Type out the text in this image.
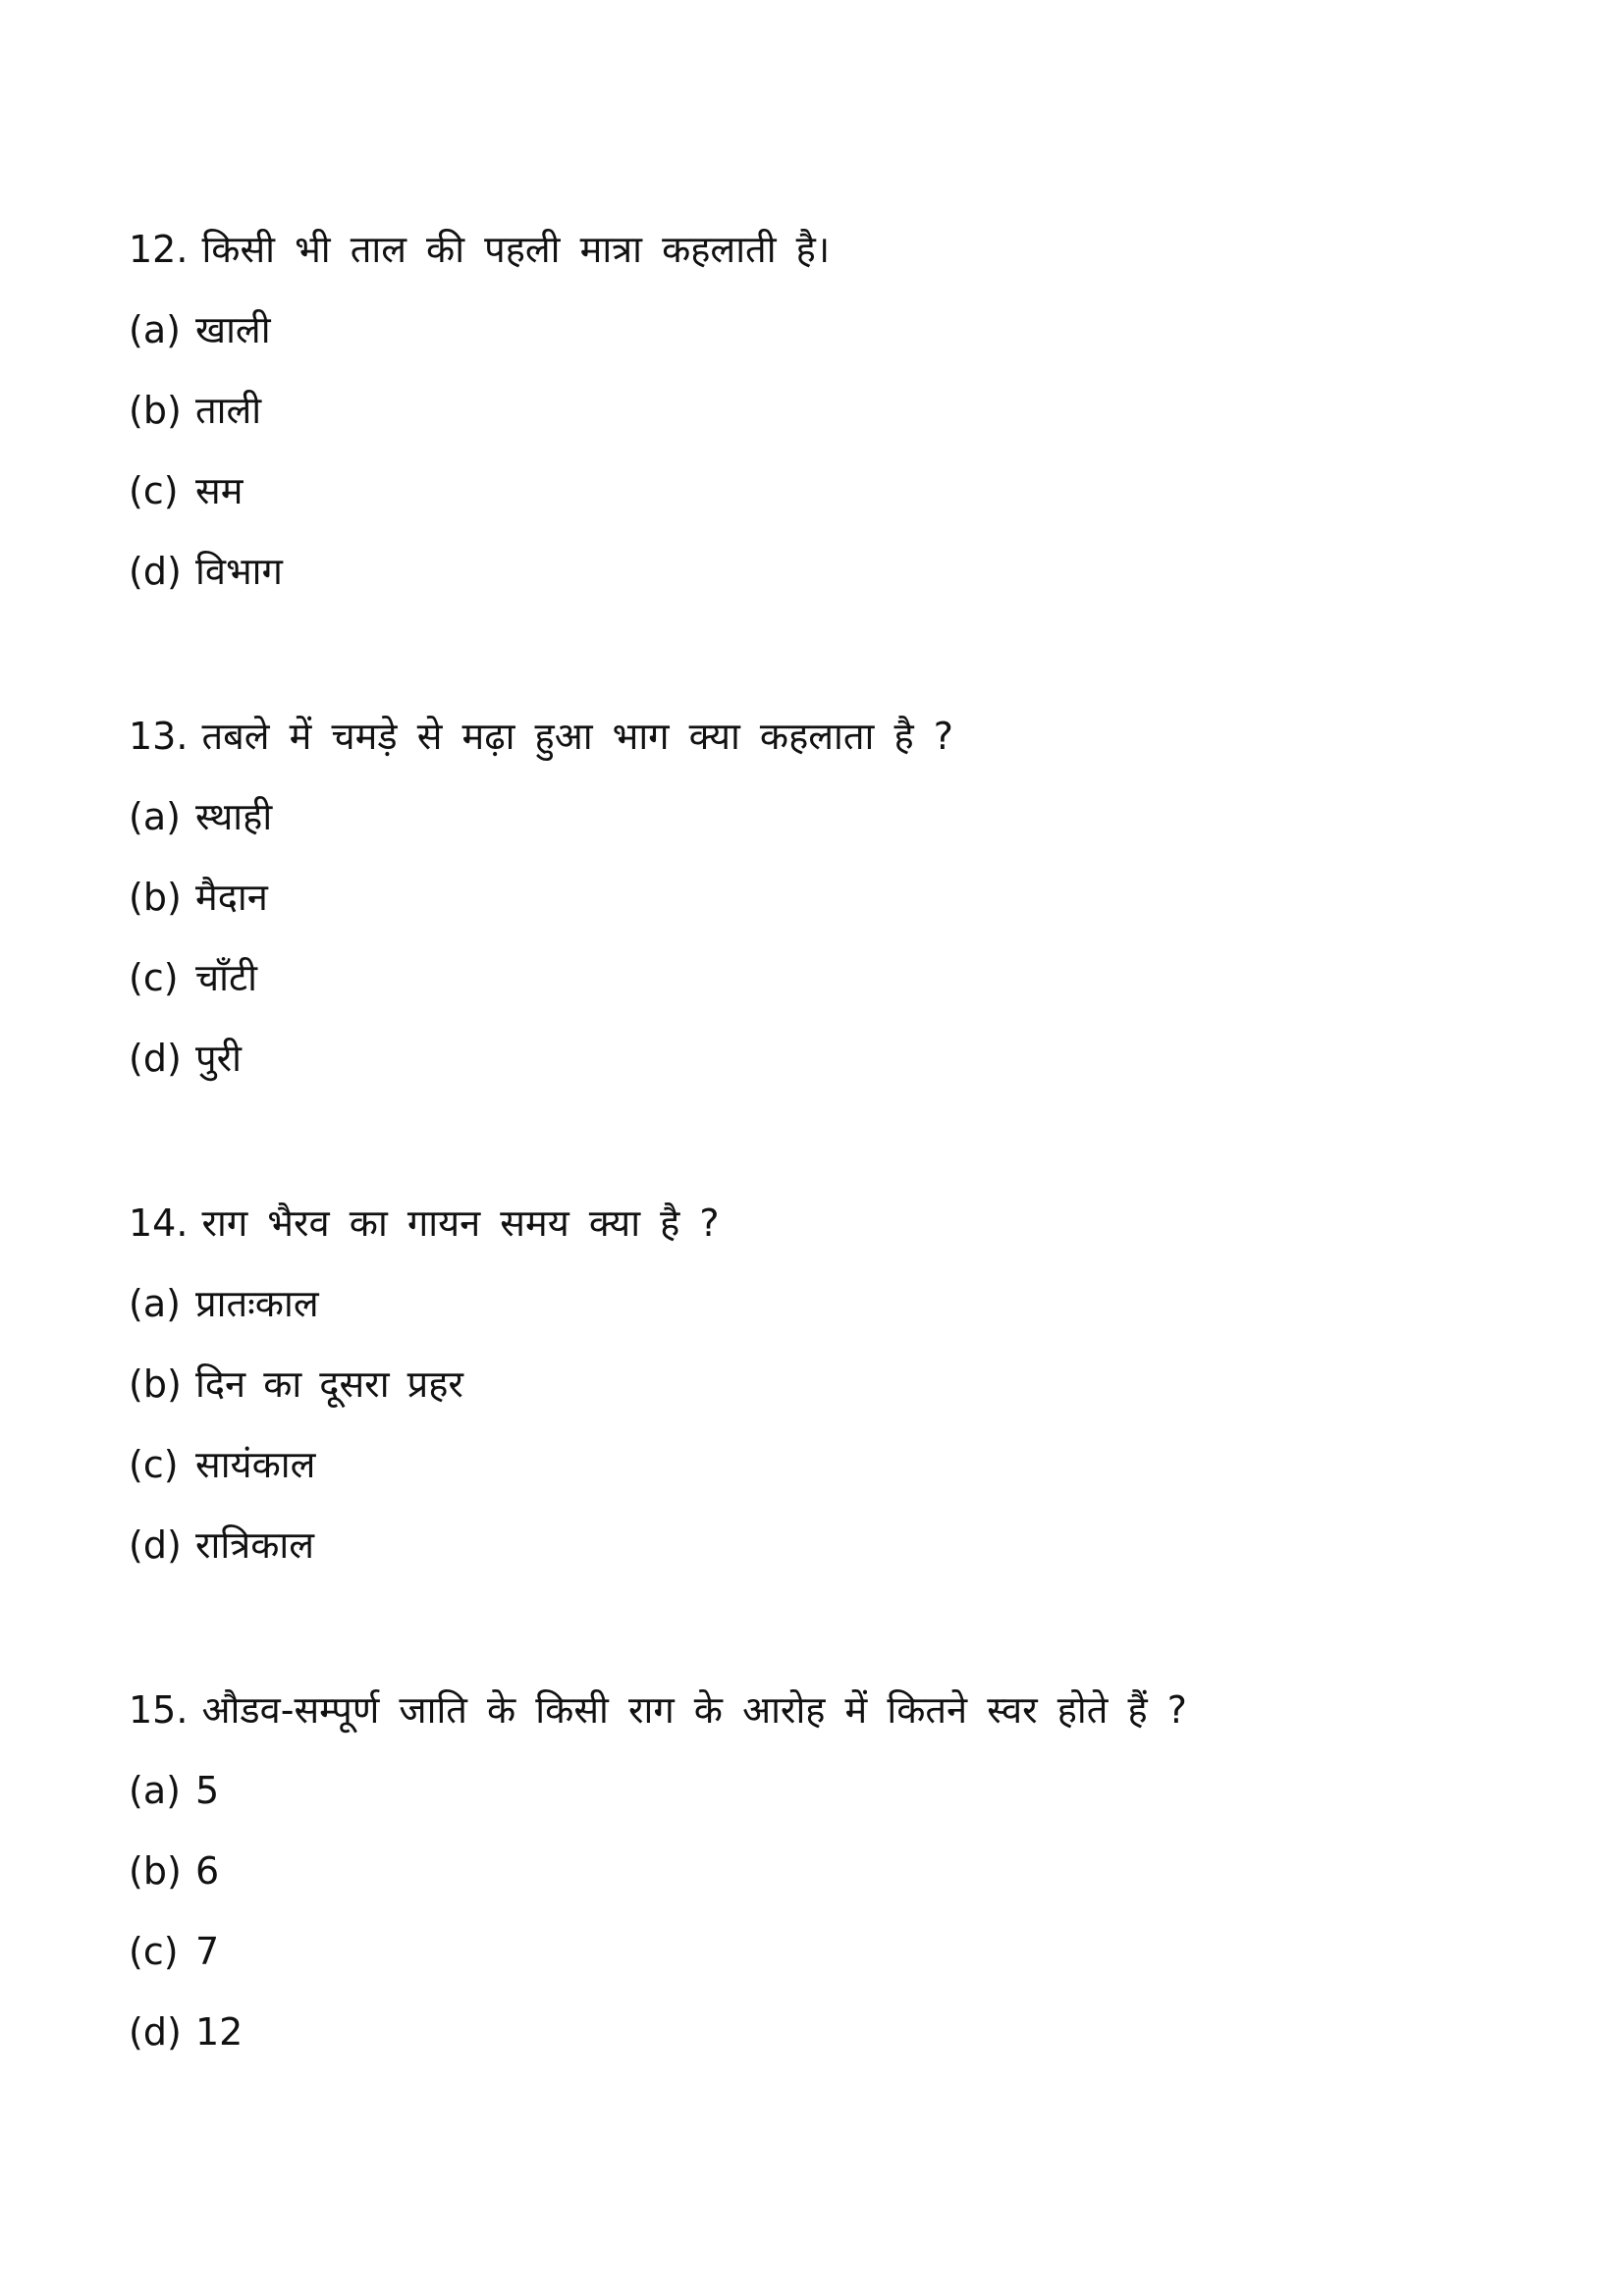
12. किसी भी ताल की पहली मात्रा कहलाती है।
(a) खाली
(b) ताली
(c) सम
(d) विभाग
13. तबले में चमड़े से मढ़ा हुआ भाग क्या कहलाता है ?
(a) स्थाही
(b) मैदान
(c) चाँटी
(d) पुरी
14. राग भैरव का गायन समय क्या है ?
(a) प्रातःकाल
(b) दिन का दूसरा प्रहर
(c) सायंकाल
(d) रात्रिकाल
15. औडव-सम्पूर्ण जाति के किसी राग के आरोह में कितने स्वर होते हैं ?
(a) 5
(b) 6
(c) 7
(d) 12
